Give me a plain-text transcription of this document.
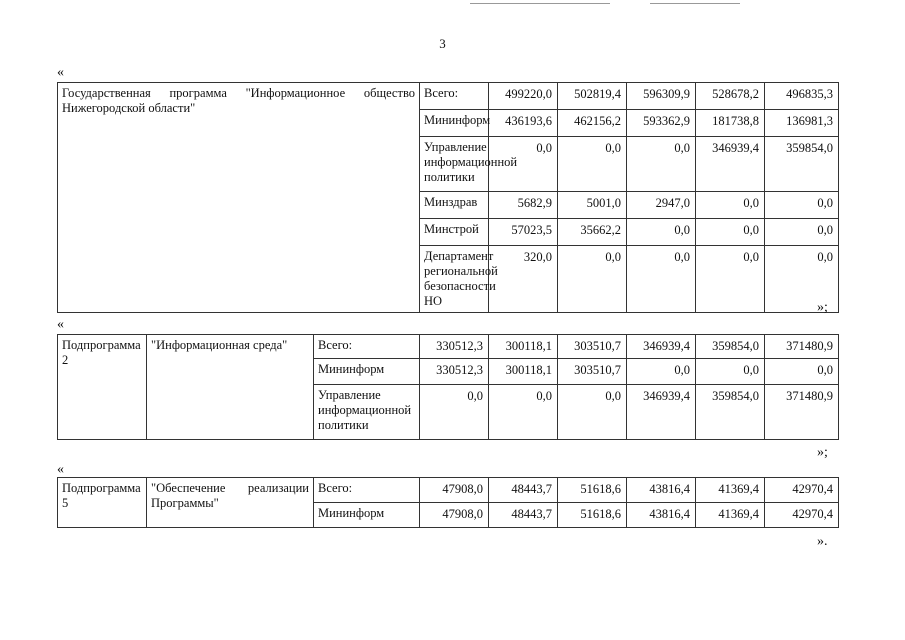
3
«
Государственная программа "Информационное общество Нижегородской области"	Всего:	499220,0	502819,4	596309,9	528678,2	496835,3	
	Мининформ	436193,6	462156,2	593362,9	181738,8	136981,3	
	Управление информационной политики	0,0	0,0	0,0	346939,4	359854,0	
	Минздрав	5682,9	5001,0	2947,0	0,0	0,0	
	Минстрой	57023,5	35662,2	0,0	0,0	0,0	
	Департамент региональной безопасности НО	320,0	0,0	0,0	0,0	0,0	
»;
«
Подпрограмма 2	"Информационная среда"	Всего:	330512,3	300118,1	303510,7	346939,4	359854,0	371480,9
		Мининформ	330512,3	300118,1	303510,7	0,0	0,0	0,0
		Управление информационной политики	0,0	0,0	0,0	346939,4	359854,0	371480,9
»;
«
Подпрограмма 5	"Обеспечение реализации Программы"	Всего:	47908,0	48443,7	51618,6	43816,4	41369,4	42970,4
		Мининформ	47908,0	48443,7	51618,6	43816,4	41369,4	42970,4
».
